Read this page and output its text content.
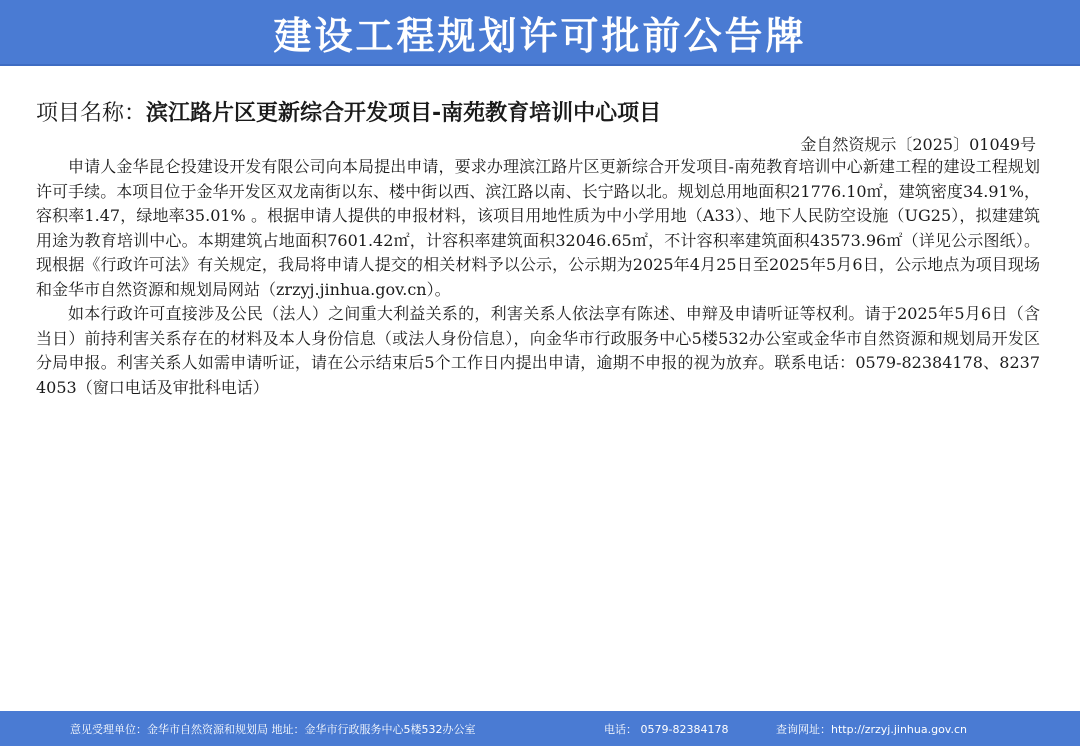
建设工程规划许可批前公告牌
项目名称：滨江路片区更新综合开发项目-南苑教育培训中心项目
金自然资规示〔2025〕01049号

申请人金华昆仑投建设开发有限公司向本局提出申请，要求办理滨江路片区更新综合开发项目-南苑教育培训中心新建工程的建设工程规划许可手续。本项目位于金华开发区双龙南街以东、楼中街以西、滨江路以南、长宁路以北。规划总用地面积21776.10㎡，建筑密度34.91%，容积率1.47，绿地率35.01% 。根据申请人提供的申报材料，该项目用地性质为中小学用地（A33）、地下人民防空设施（UG25），拟建建筑用途为教育培训中心。本期建筑占地面积7601.42㎡，计容积率建筑面积32046.65㎡，不计容积率建筑面积43573.96㎡（详见公示图纸）。现根据《行政许可法》有关规定，我局将申请人提交的相关材料予以公示，公示期为2025年4月25日至2025年5月6日，公示地点为项目现场和金华市自然资源和规划局网站（zrzyj.jinhua.gov.cn）。

如本行政许可直接涉及公民（法人）之间重大利益关系的，利害关系人依法享有陈述、申辩及申请听证等权利。请于2025年5月6日（含当日）前持利害关系存在的材料及本人身份信息（或法人身份信息），向金华市行政服务中心5楼532办公室或金华市自然资源和规划局开发区分局申报。利害关系人如需申请听证，请在公示结束后5个工作日内提出申请，逾期不申报的视为放弃。联系电话：0579-82384178、82374053（窗口电话及审批科电话）

意见受理单位：金华市自然资源和规划局 地址：金华市行政服务中心5楼532办公室	电话： 0579-82384178	查询网址：http://zrzyj.jinhua.gov.cn
